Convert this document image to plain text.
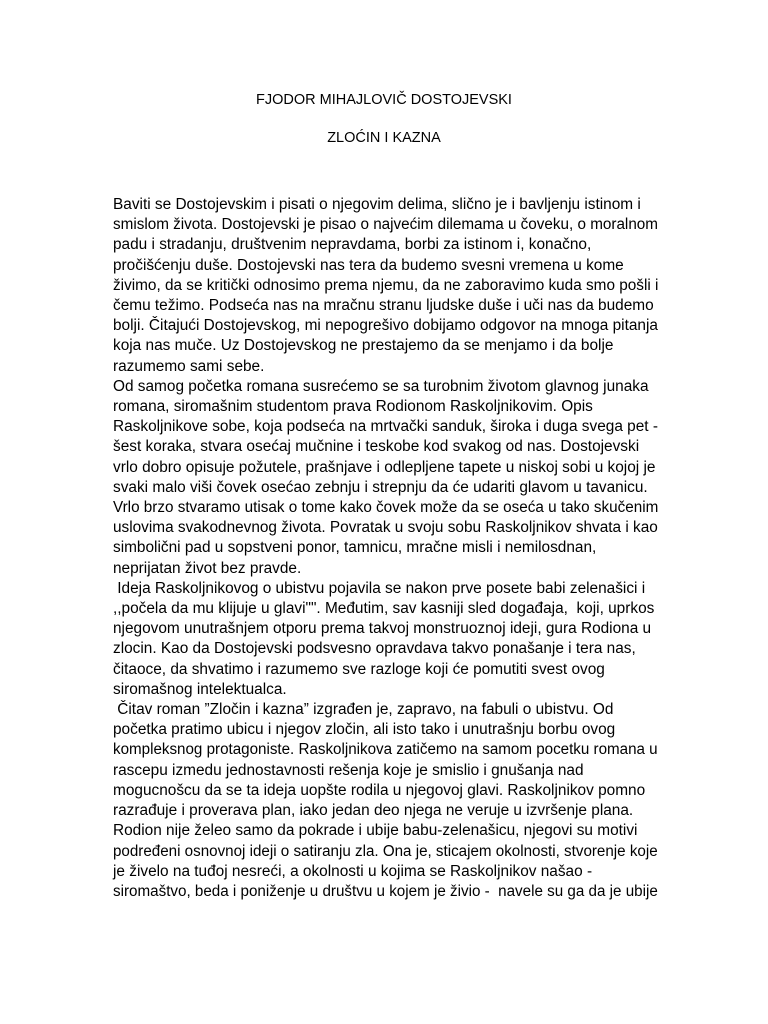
FJODOR MIHAJLOVIČ DOSTOJEVSKI

ZLOĆIN I KAZNA

Baviti se Dostojevskim i pisati o njegovim delima, slično je i bavljenju istinom i
smislom života. Dostojevski je pisao o najvećim dilemama u čoveku, o moralnom
padu i stradanju, društvenim nepravdama, borbi za istinom i, konačno,
pročišćenju duše. Dostojevski nas tera da budemo svesni vremena u kome
živimo, da se kritički odnosimo prema njemu, da ne zaboravimo kuda smo pošli i
čemu težimo. Podseća nas na mračnu stranu ljudske duše i uči nas da budemo
bolji. Čitajući Dostojevskog, mi nepogrešivo dobijamo odgovor na mnoga pitanja
koja nas muče. Uz Dostojevskog ne prestajemo da se menjamo i da bolje
razumemo sami sebe.
Od samog početka romana susrećemo se sa turobnim životom glavnog junaka
romana, siromašnim studentom prava Rodionom Raskoljnikovim. Opis
Raskoljnikove sobe, koja podseća na mrtvački sanduk, široka i duga svega pet -
šest koraka, stvara osećaj mučnine i teskobe kod svakog od nas. Dostojevski
vrlo dobro opisuje požutele, prašnjave i odlepljene tapete u niskoj sobi u kojoj je
svaki malo viši čovek osećao zebnju i strepnju da će udariti glavom u tavanicu.
Vrlo brzo stvaramo utisak o tome kako čovek može da se oseća u tako skučenim
uslovima svakodnevnog života. Povratak u svoju sobu Raskoljnikov shvata i kao
simbolični pad u sopstveni ponor, tamnicu, mračne misli i nemilosdnan,
neprijatan život bez pravde.
Ideja Raskoljnikovog o ubistvu pojavila se nakon prve posete babi zelenašici i
,,počela da mu klijuje u glavi"". Međutim, sav kasniji sled događaja,  koji, uprkos
njegovom unutrašnjem otporu prema takvoj monstruoznoj ideji, gura Rodiona u
zlocin. Kao da Dostojevski podsvesno opravdava takvo ponašanje i tera nas,
čitaoce, da shvatimo i razumemo sve razloge koji će pomutiti svest ovog
siromašnog intelektualca.
Čitav roman ”Zločin i kazna” izgrađen je, zapravo, na fabuli o ubistvu. Od
početka pratimo ubicu i njegov zločin, ali isto tako i unutrašnju borbu ovog
kompleksnog protagoniste. Raskoljnikova zatičemo na samom pocetku romana u
rascepu izmedu jednostavnosti rešenja koje je smislio i gnušanja nad
mogucnošcu da se ta ideja uopšte rodila u njegovoj glavi. Raskoljnikov pomno
razrađuje i proverava plan, iako jedan deo njega ne veruje u izvršenje plana.
Rodion nije želeo samo da pokrade i ubije babu-zelenašicu, njegovi su motivi
podređeni osnovnoj ideji o satiranju zla. Ona je, sticajem okolnosti, stvorenje koje
je živelo na tuđoj nesreći, a okolnosti u kojima se Raskoljnikov našao -
siromaštvo, beda i poniženje u društvu u kojem je živio -  navele su ga da je ubije
